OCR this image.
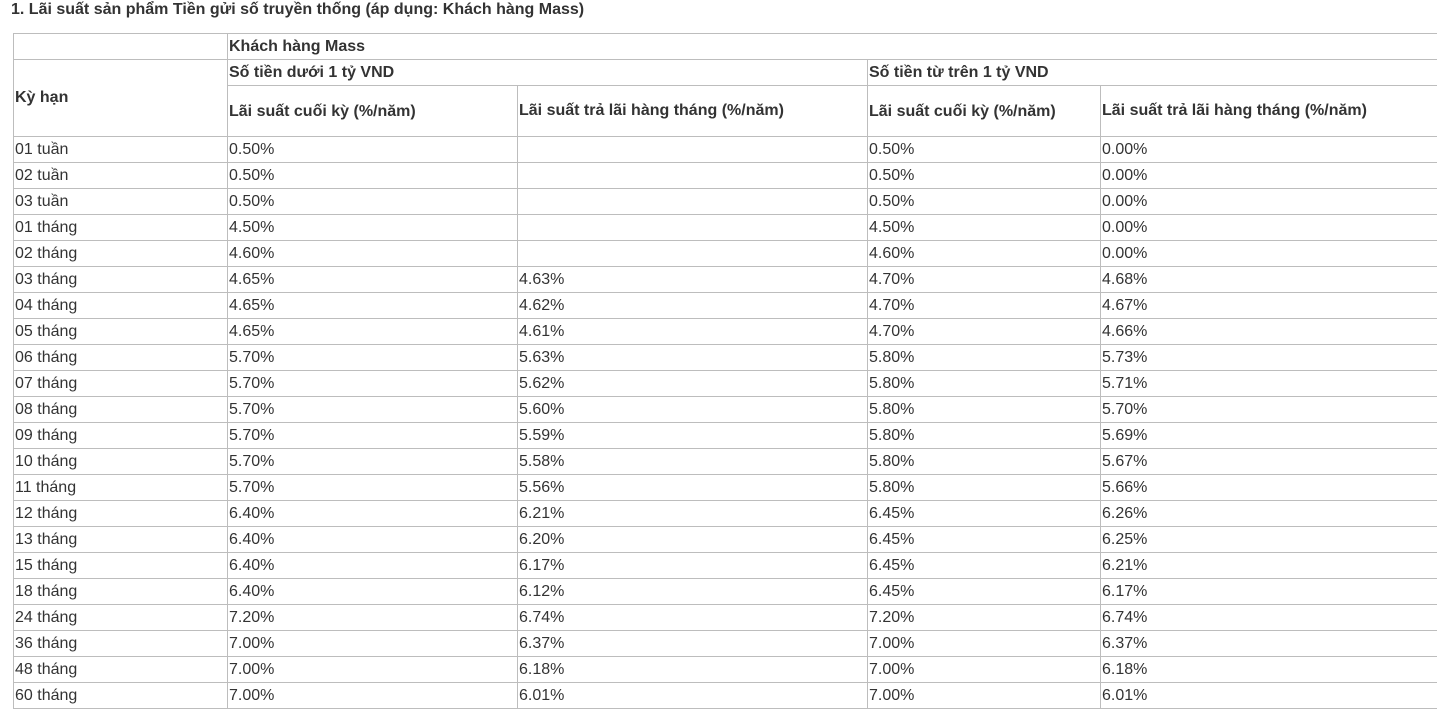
1. Lãi suất sản phẩm Tiền gửi số truyền thống (áp dụng: Khách hàng Mass)
	Khách hàng Mass			
Kỳ hạn	Số tiền dưới 1 tỷ VND		Số tiền từ trên 1 tỷ VND	
	Lãi suất cuối kỳ (%/năm)	Lãi suất trả lãi hàng tháng (%/năm)	Lãi suất cuối kỳ (%/năm)	Lãi suất trả lãi hàng tháng (%/năm)
01 tuần	0.50%		0.50%	0.00%
02 tuần	0.50%		0.50%	0.00%
03 tuần	0.50%		0.50%	0.00%
01 tháng	4.50%		4.50%	0.00%
02 tháng	4.60%		4.60%	0.00%
03 tháng	4.65%	4.63%	4.70%	4.68%
04 tháng	4.65%	4.62%	4.70%	4.67%
05 tháng	4.65%	4.61%	4.70%	4.66%
06 tháng	5.70%	5.63%	5.80%	5.73%
07 tháng	5.70%	5.62%	5.80%	5.71%
08 tháng	5.70%	5.60%	5.80%	5.70%
09 tháng	5.70%	5.59%	5.80%	5.69%
10 tháng	5.70%	5.58%	5.80%	5.67%
11 tháng	5.70%	5.56%	5.80%	5.66%
12 tháng	6.40%	6.21%	6.45%	6.26%
13 tháng	6.40%	6.20%	6.45%	6.25%
15 tháng	6.40%	6.17%	6.45%	6.21%
18 tháng	6.40%	6.12%	6.45%	6.17%
24 tháng	7.20%	6.74%	7.20%	6.74%
36 tháng	7.00%	6.37%	7.00%	6.37%
48 tháng	7.00%	6.18%	7.00%	6.18%
60 tháng	7.00%	6.01%	7.00%	6.01%
